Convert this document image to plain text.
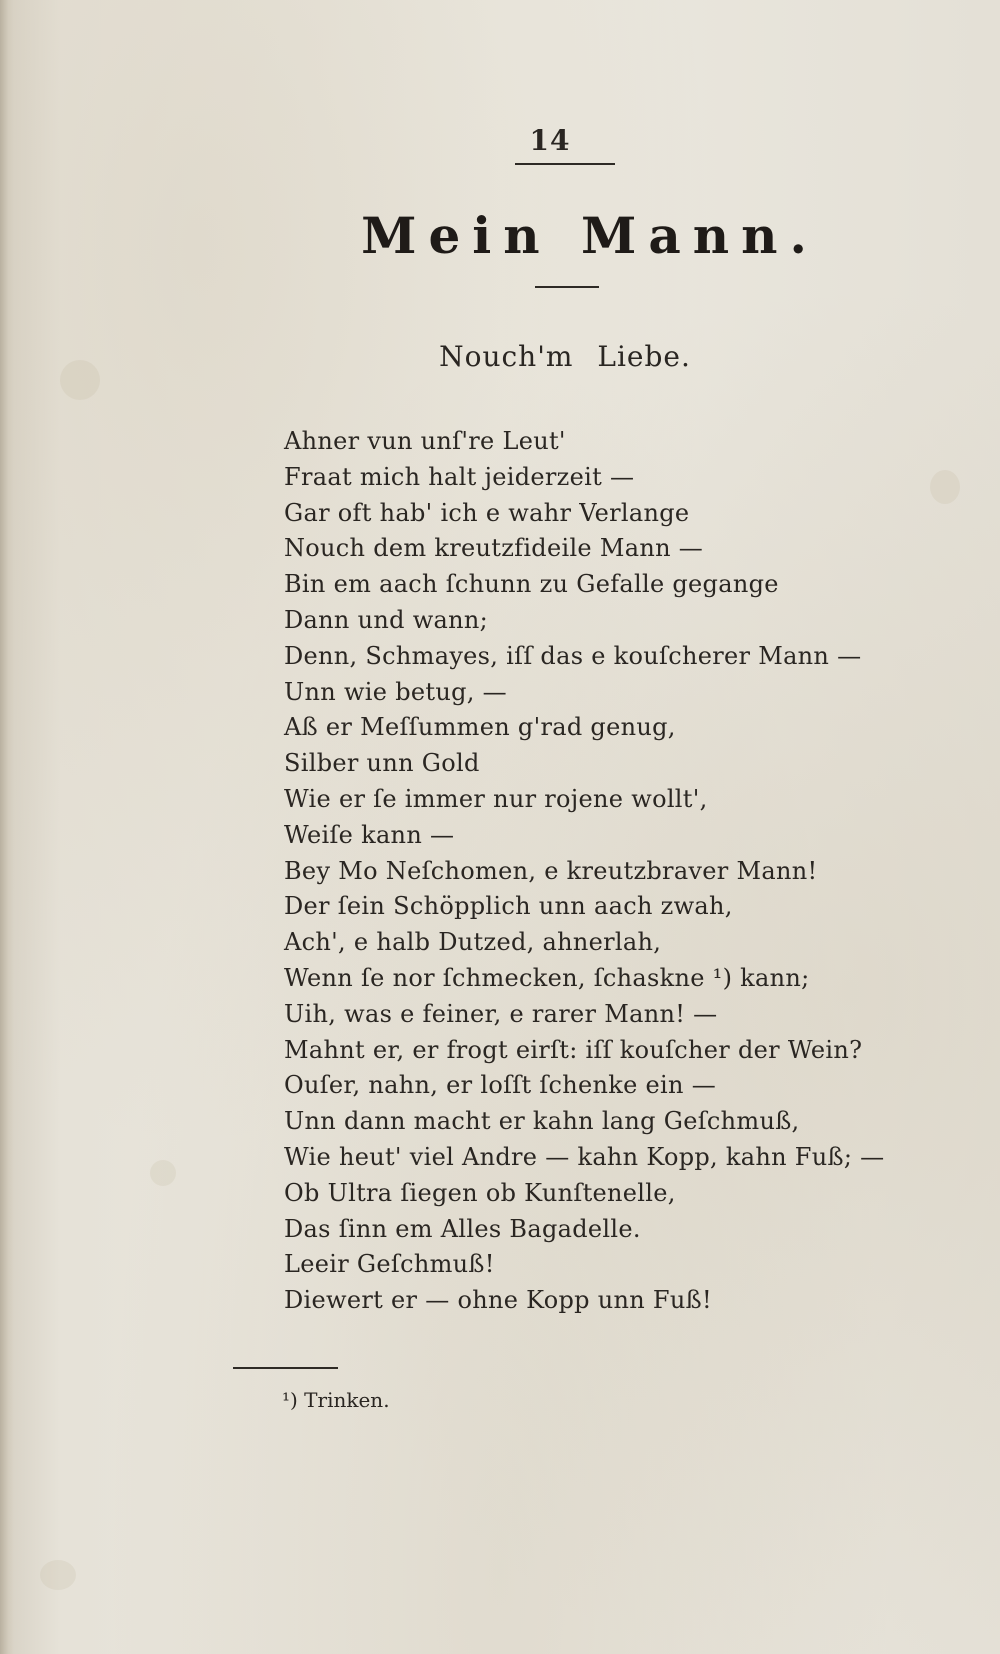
14
Mein Mann.
Nouch'm Liebe.
Ahner vun unſ're Leut'
Fraat mich halt jeiderzeit —
Gar oft hab' ich e wahr Verlange
Nouch dem kreutzfideile Mann —
Bin em aach ſchunn zu Gefalle gegange
Dann und wann;
Denn, Schmayes, iſſ das e kouſcherer Mann —
Unn wie betug, —
Aß er Meſſummen g'rad genug,
Silber unn Gold
Wie er ſe immer nur rojene wollt',
Weiſe kann —
Bey Mo Neſchomen, e kreutzbraver Mann!
Der ſein Schöpplich unn aach zwah,
Ach', e halb Dutzed, ahnerlah,
Wenn ſe nor ſchmecken, ſchaskne ¹) kann;
Uih, was e feiner, e rarer Mann! —
Mahnt er, er frogt eirſt: iſſ kouſcher der Wein?
Ouſer, nahn, er loſſt ſchenke ein —
Unn dann macht er kahn lang Geſchmuß,
Wie heut' viel Andre — kahn Kopp, kahn Fuß; —
Ob Ultra ſiegen ob Kunſtenelle,
Das ſinn em Alles Bagadelle.
Leeir Geſchmuß!
Diewert er — ohne Kopp unn Fuß!
¹) Trinken.
